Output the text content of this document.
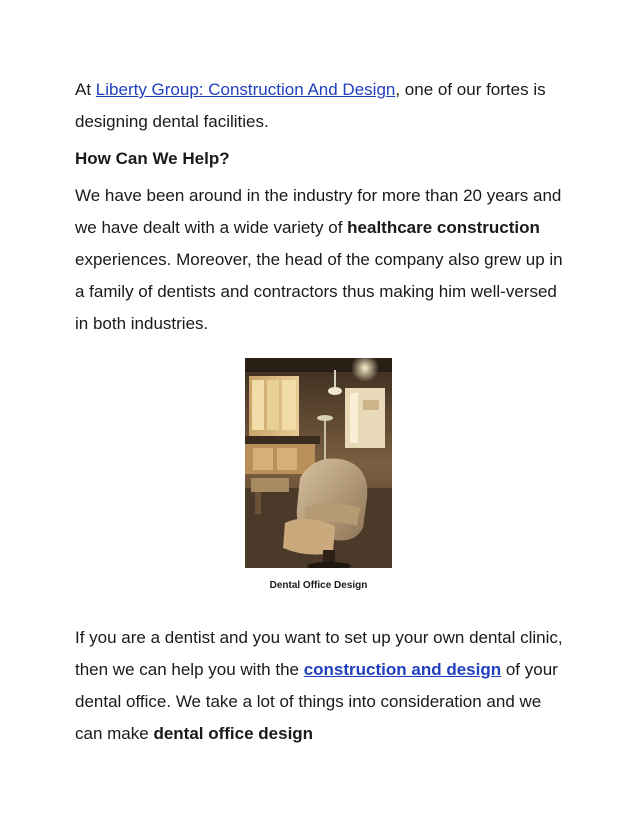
At Liberty Group: Construction And Design, one of our fortes is designing dental facilities.

How Can We Help?

We have been around in the industry for more than 20 years and we have dealt with a wide variety of healthcare construction experiences. Moreover, the head of the company also grew up in a family of dentists and contractors thus making him well-versed in both industries.

Dental Office Design

If you are a dentist and you want to set up your own dental clinic, then we can help you with the construction and design of your dental office. We take a lot of things into consideration and we can make dental office design
